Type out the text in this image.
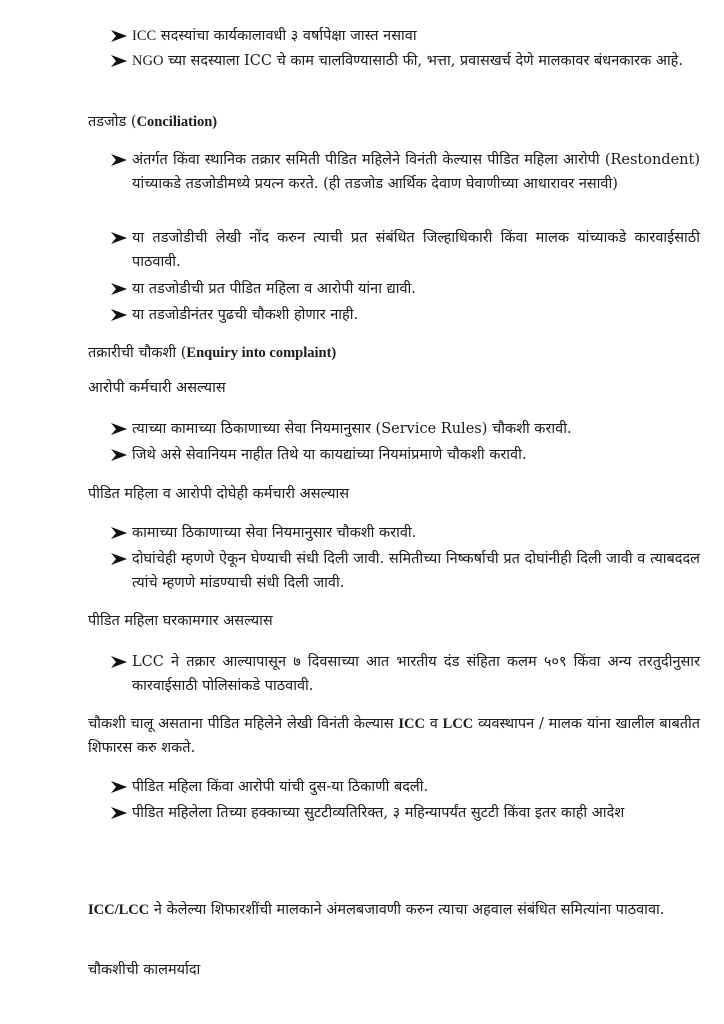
ICC सदस्यांचा कार्यकालावधी ३ वर्षापेक्षा जास्त नसावा
NGO च्या सदस्याला ICC चे काम चालविण्यासाठी फी, भत्ता, प्रवासखर्च देणे मालकावर बंधनकारक आहे.
तडजोड (Conciliation)
अंतर्गत किंवा स्थानिक तक्रार समिती पीडित महिलेने विनंती केल्यास पीडित महिला आरोपी (Restondent) यांच्याकडे तडजोडीमध्ये प्रयत्न करते. (ही तडजोड आर्थिक देवाण घेवाणीच्या आधारावर नसावी)
या तडजोडीची लेखी नोंद करुन त्याची प्रत संबंधित जिल्हाधिकारी किंवा मालक यांच्याकडे कारवाईसाठी पाठवावी.
या तडजोडीची प्रत पीडित महिला व आरोपी यांना द्यावी.
या तडजोडीनंतर पुढची चौकशी होणार नाही.
तक्रारीची चौकशी (Enquiry into complaint)
आरोपी कर्मचारी असल्यास
त्याच्या कामाच्या ठिकाणाच्या सेवा नियमानुसार (Service Rules) चौकशी करावी.
जिथे असे सेवानियम नाहीत तिथे या कायद्यांच्या नियमांप्रमाणे चौकशी करावी.
पीडित महिला व आरोपी दोघेही कर्मचारी असल्यास
कामाच्या ठिकाणाच्या सेवा नियमानुसार चौकशी करावी.
दोघांचेही म्हणणे ऐकून घेण्याची संधी दिली जावी. समितीच्या निष्कर्षाची प्रत दोघांनीही दिली जावी व त्याबददल त्यांचे म्हणणे मांडण्याची संधी दिली जावी.
पीडित महिला घरकामगार असल्यास
LCC ने तक्रार आल्यापासून ७ दिवसाच्या आत भारतीय दंड संहिता कलम ५०९ किंवा अन्य तरतुदीनुसार कारवाईसाठी पोलिसांकडे पाठवावी.
चौकशी चालू असताना पीडित महिलेने लेखी विनंती केल्यास ICC व LCC व्यवस्थापन / मालक यांना खालील बाबतीत शिफारस करु शकते.
पीडित महिला किंवा आरोपी यांची दुस-या ठिकाणी बदली.
पीडित महिलेला तिच्या हक्काच्या सुटटीव्यतिरिक्त, ३ महिन्यापर्यंत सुटटी किंवा इतर काही आदेश
ICC/LCC ने केलेल्या शिफारशींची मालकाने अंमलबजावणी करुन त्याचा अहवाल संबंधित समित्यांना पाठवावा.
चौकशीची कालमर्यादा
